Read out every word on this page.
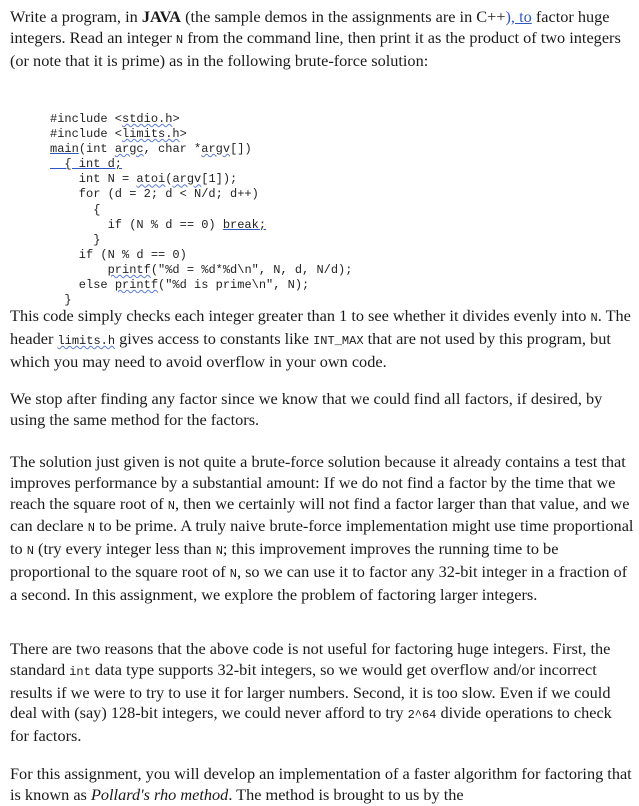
Write a program, in JAVA (the sample demos in the assignments are in C++), to factor huge integers. Read an integer N from the command line, then print it as the product of two integers (or note that it is prime) as in the following brute-force solution:

#include <stdio.h>
#include <limits.h>
main(int argc, char *argv[])
{ int d;
int N = atoi(argv[1]);
for (d = 2; d < N/d; d++)
{
if (N % d == 0) break;
}
if (N % d == 0)
printf("%d = %d*%d\n", N, d, N/d);
else printf("%d is prime\n", N);
}

This code simply checks each integer greater than 1 to see whether it divides evenly into N. The header limits.h gives access to constants like INT_MAX that are not used by this program, but which you may need to avoid overflow in your own code.

We stop after finding any factor since we know that we could find all factors, if desired, by using the same method for the factors.

The solution just given is not quite a brute-force solution because it already contains a test that improves performance by a substantial amount: If we do not find a factor by the time that we reach the square root of N, then we certainly will not find a factor larger than that value, and we can declare N to be prime. A truly naive brute-force implementation might use time proportional to N (try every integer less than N; this improvement improves the running time to be proportional to the square root of N, so we can use it to factor any 32-bit integer in a fraction of a second. In this assignment, we explore the problem of factoring larger integers.

There are two reasons that the above code is not useful for factoring huge integers. First, the standard int data type supports 32-bit integers, so we would get overflow and/or incorrect results if we were to try to use it for larger numbers. Second, it is too slow. Even if we could deal with (say) 128-bit integers, we could never afford to try 2^64 divide operations to check for factors.

For this assignment, you will develop an implementation of a faster algorithm for factoring that is known as Pollard's rho method. The method is brought to us by the
